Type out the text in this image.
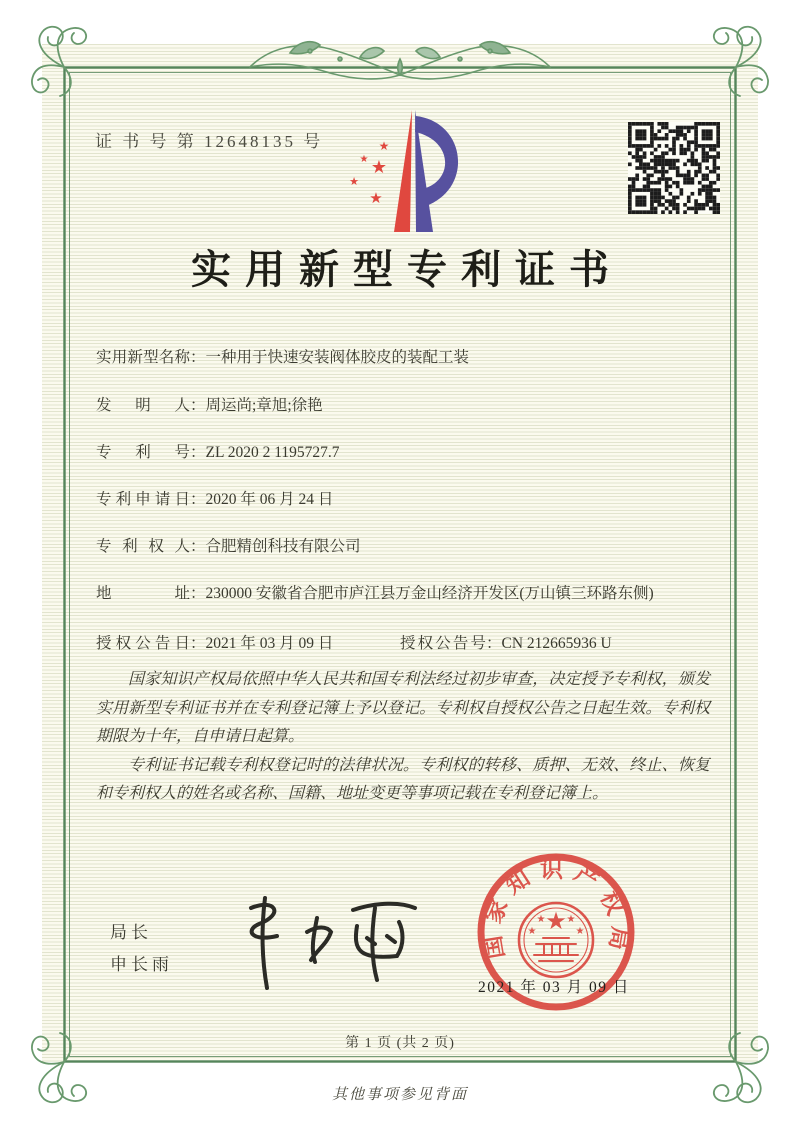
证 书 号 第 12648135 号	★
★ ★
★
★
实用新型专利证书
实用新型名称 ： 一种用于快速安装阀体胶皮的装配工装
发明人 ： 周运尚;章旭;徐艳
专利号 ： ZL 2020 2 1195727.7
专利申请日 ： 2020 年 06 月 24 日
专利权人 ： 合肥精创科技有限公司
地址 ： 230000 安徽省合肥市庐江县万金山经济开发区(万山镇三环路东侧)
授权公告日 ： 2021 年 03 月 09 日	授权公告号 ： CN 212665936 U

国家知识产权局依照中华人民共和国专利法经过初步审查，决定授予专利权，颁发实用新型专利证书并在专利登记簿上予以登记。专利权自授权公告之日起生效。专利权期限为十年，自申请日起算。

专利证书记载专利权登记时的法律状况。专利权的转移、质押、无效、终止、恢复和专利权人的姓名或名称、国籍、地址变更等事项记载在专利登记簿上。

局长
申长雨
国家知识产权局
★
★ ★
★	★
2021 年 03 月 09 日
第 1 页 (共 2 页)
其他事项参见背面
